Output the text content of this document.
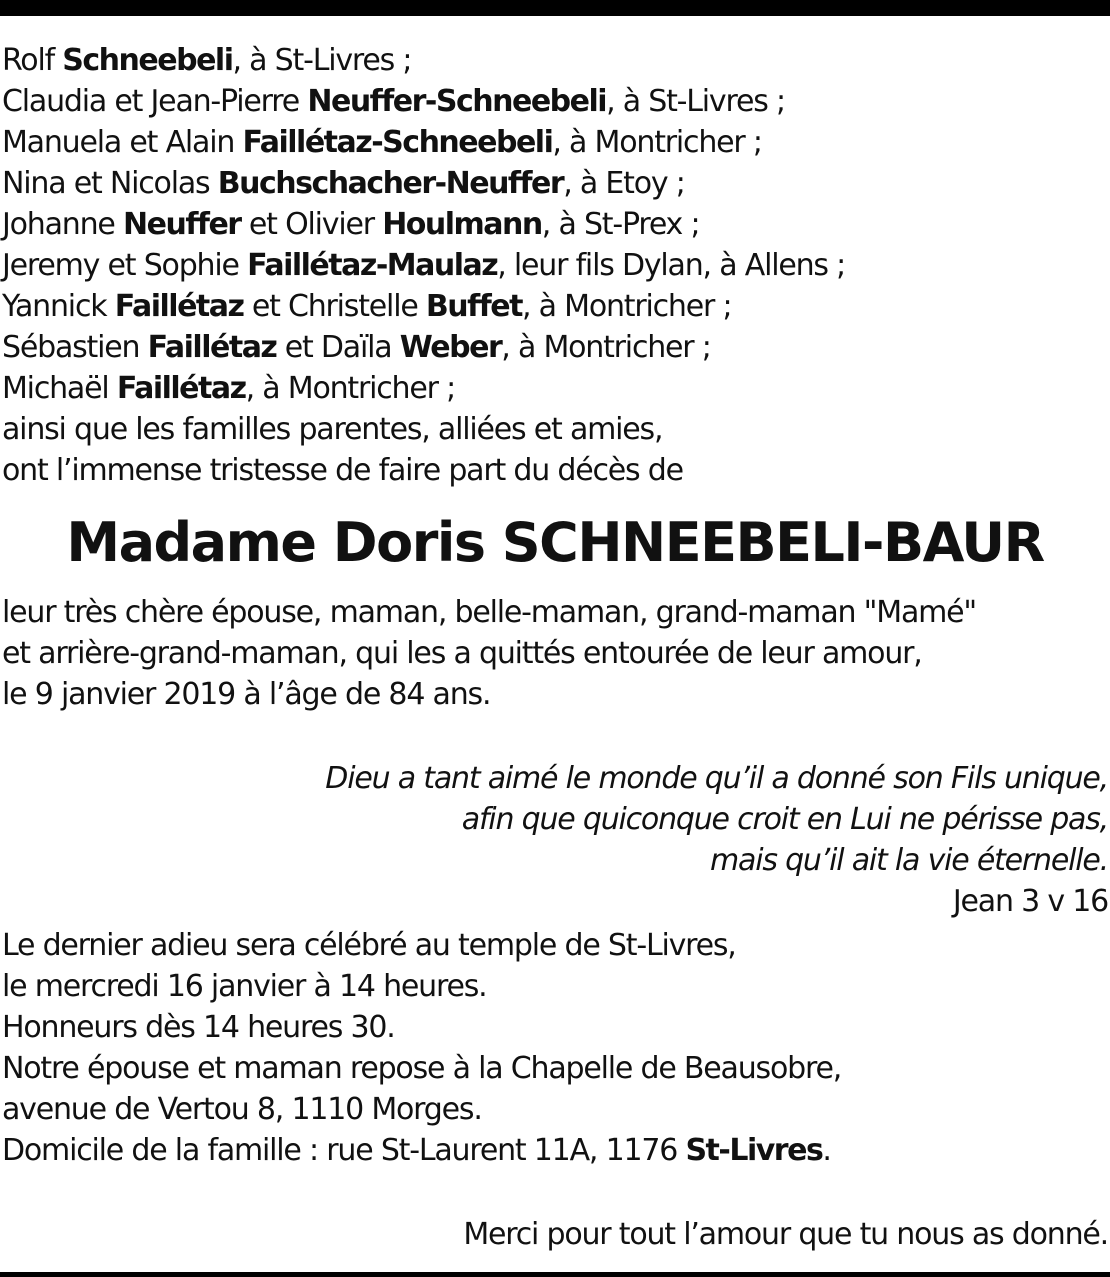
Rolf Schneebeli, à St-Livres ;
Claudia et Jean-Pierre Neuffer-Schneebeli, à St-Livres ;
Manuela et Alain Faillétaz-Schneebeli, à Montricher ;
Nina et Nicolas Buchschacher-Neuffer, à Etoy ;
Johanne Neuffer et Olivier Houlmann, à St-Prex ;
Jeremy et Sophie Faillétaz-Maulaz, leur fils Dylan, à Allens ;
Yannick Faillétaz et Christelle Buffet, à Montricher ;
Sébastien Faillétaz et Daïla Weber, à Montricher ;
Michaël Faillétaz, à Montricher ;
ainsi que les familles parentes, alliées et amies,
ont l’immense tristesse de faire part du décès de
Madame Doris SCHNEEBELI-BAUR
leur très chère épouse, maman, belle-maman, grand-maman "Mamé"
et arrière-grand-maman, qui les a quittés entourée de leur amour,
le 9 janvier 2019 à l’âge de 84 ans.
Dieu a tant aimé le monde qu’il a donné son Fils unique,
afin que quiconque croit en Lui ne périsse pas,
mais qu’il ait la vie éternelle.
Jean 3 v 16
Le dernier adieu sera célébré au temple de St-Livres,
le mercredi 16 janvier à 14 heures.
Honneurs dès 14 heures 30.
Notre épouse et maman repose à la Chapelle de Beausobre,
avenue de Vertou 8, 1110 Morges.
Domicile de la famille : rue St-Laurent 11A, 1176 St-Livres.
Merci pour tout l’amour que tu nous as donné.
